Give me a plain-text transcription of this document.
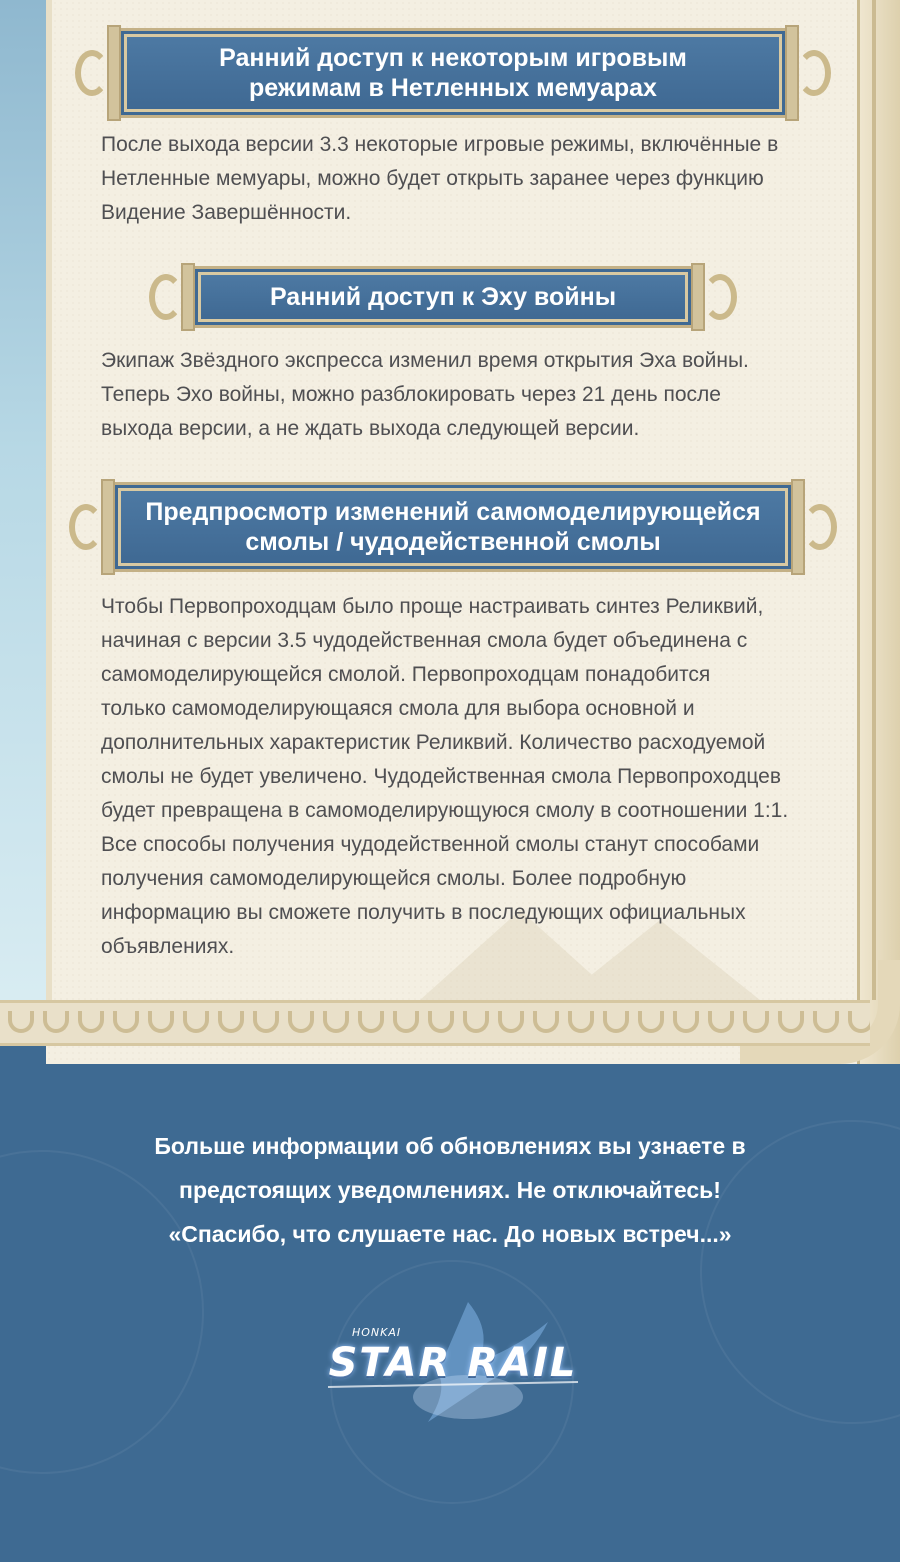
Ранний доступ к некоторым игровым
режимам в Нетленных мемуарах
После выхода версии 3.3 некоторые игровые режимы, включённые в
Нетленные мемуары, можно будет открыть заранее через функцию
Видение Завершённости.
Ранний доступ к Эху войны
Экипаж Звёздного экспресса изменил время открытия Эха войны.
Теперь Эхо войны, можно разблокировать через 21 день после
выхода версии, а не ждать выхода следующей версии.
Предпросмотр изменений самомоделирующейся
смолы / чудодейственной смолы
Чтобы Первопроходцам было проще настраивать синтез Реликвий,
начиная с версии 3.5 чудодейственная смола будет объединена с
самомоделирующейся смолой. Первопроходцам понадобится
только самомоделирующаяся смола для выбора основной и
дополнительных характеристик Реликвий. Количество расходуемой
смолы не будет увеличено. Чудодейственная смола Первопроходцев
будет превращена в самомоделирующуюся смолу в соотношении 1:1.
Все способы получения чудодейственной смолы станут способами
получения самомоделирующейся смолы. Более подробную
информацию вы сможете получить в последующих официальных
объявлениях.
Больше информации об обновлениях вы узнаете в
предстоящих уведомлениях. Не отключайтесь!
«Спасибо, что слушаете нас. До новых встреч...»
HONKAI
STAR RAIL
